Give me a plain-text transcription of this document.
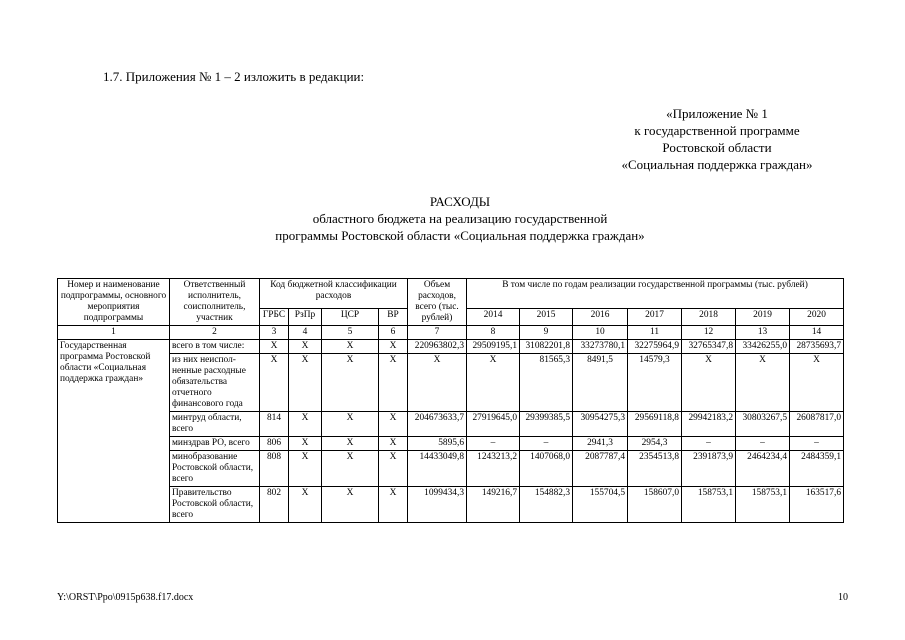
1.7. Приложения № 1 – 2 изложить в редакции:
«Приложение № 1
к государственной программе
Ростовской области
«Социальная поддержка граждан»
РАСХОДЫ
областного бюджета на реализацию государственной
программы Ростовской области «Социальная поддержка граждан»
Номер и наименование подпрограммы, основного мероприятия подпрограммы	Ответственный исполнитель, соисполнитель, участник	Код бюджетной классификации расходов				Объем расходов, всего (тыс. рублей)	В том числе по годам реализации государственной программы (тыс. рублей)						
		ГРБС	РзПр	ЦСР	ВР		2014	2015	2016	2017	2018	2019	2020
1	2	3	4	5	6	7	8	9	10	11	12	13	14
Государственная программа Ростовской области «Социальная поддержка граждан»	всего в том числе:	X	X	X	X	220963802,3	29509195,1	31082201,8	33273780,1	32275964,9	32765347,8	33426255,0	28735693,7
	из них неиспол-ненные расходные обязательства отчетного финансового года	X	X	X	X	X	X	81565,3	8491,5	14579,3	X	X	X
	минтруд области, всего	814	X	X	X	204673633,7	27919645,0	29399385,5	30954275,3	29569118,8	29942183,2	30803267,5	26087817,0
	минздрав РО, всего	806	X	X	X	5895,6	–	–	2941,3	2954,3	–	–	–
	минобразование Ростовской области, всего	808	X	X	X	14433049,8	1243213,2	1407068,0	2087787,4	2354513,8	2391873,9	2464234,4	2484359,1
	Правительство Ростовской области, всего	802	X	X	X	1099434,3	149216,7	154882,3	155704,5	158607,0	158753,1	158753,1	163517,6
Y:\ORST\Ppo\0915p638.f17.docx	10
